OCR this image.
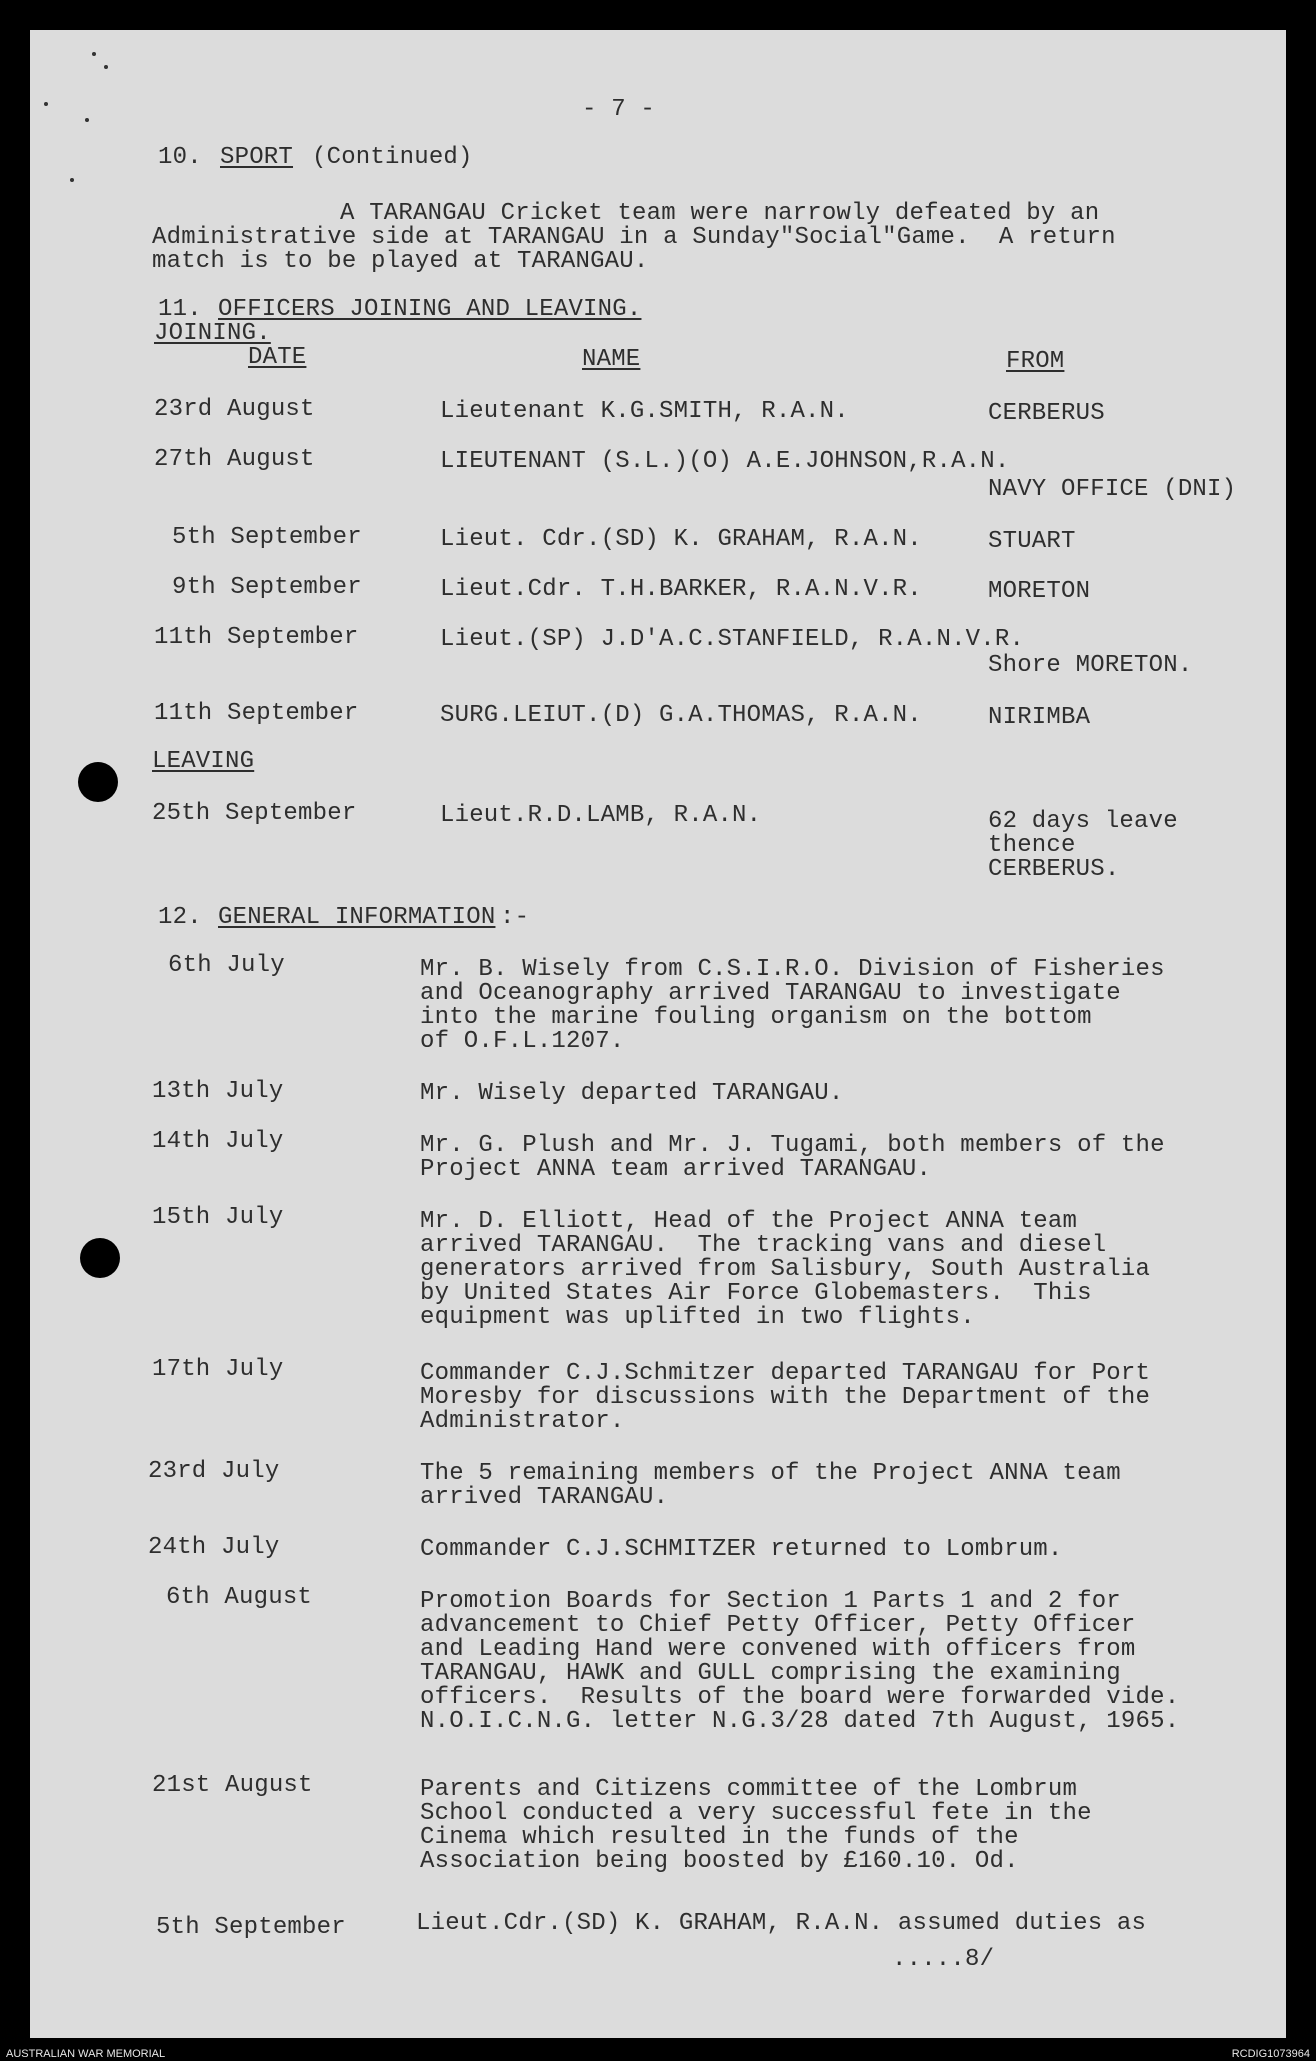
- 7 -
10. SPORT (Continued)
A TARANGAU Cricket team were narrowly defeated by an
Administrative side at TARANGAU in a Sunday"Social"Game.  A return
match is to be played at TARANGAU.
11. OFFICERS JOINING AND LEAVING.
JOINING.
DATE	NAME	FROM
23rd August	Lieutenant K.G.SMITH, R.A.N.	CERBERUS
27th August	LIEUTENANT (S.L.)(O) A.E.JOHNSON,R.A.N.
NAVY OFFICE (DNI)
5th September	Lieut. Cdr.(SD) K. GRAHAM, R.A.N.	STUART
9th September	Lieut.Cdr. T.H.BARKER, R.A.N.V.R.	MORETON
11th September	Lieut.(SP) J.D'A.C.STANFIELD, R.A.N.V.R.
Shore MORETON.
11th September	SURG.LEIUT.(D) G.A.THOMAS, R.A.N.	NIRIMBA
LEAVING
25th September	Lieut.R.D.LAMB, R.A.N.	62 days leave
thence
CERBERUS.
12. GENERAL INFORMATION :-
6th July	Mr. B. Wisely from C.S.I.R.O. Division of Fisheries
and Oceanography arrived TARANGAU to investigate
into the marine fouling organism on the bottom
of O.F.L.1207.
13th July	Mr. Wisely departed TARANGAU.
14th July	Mr. G. Plush and Mr. J. Tugami, both members of the
Project ANNA team arrived TARANGAU.
15th July	Mr. D. Elliott, Head of the Project ANNA team
arrived TARANGAU.  The tracking vans and diesel
generators arrived from Salisbury, South Australia
by United States Air Force Globemasters.  This
equipment was uplifted in two flights.
17th July	Commander C.J.Schmitzer departed TARANGAU for Port
Moresby for discussions with the Department of the
Administrator.
23rd July	The 5 remaining members of the Project ANNA team
arrived TARANGAU.
24th July	Commander C.J.SCHMITZER returned to Lombrum.
6th August	Promotion Boards for Section 1 Parts 1 and 2 for
advancement to Chief Petty Officer, Petty Officer
and Leading Hand were convened with officers from
TARANGAU, HAWK and GULL comprising the examining
officers.  Results of the board were forwarded vide.
N.O.I.C.N.G. letter N.G.3/28 dated 7th August, 1965.
21st August	Parents and Citizens committee of the Lombrum
School conducted a very successful fete in the
Cinema which resulted in the funds of the
Association being boosted by £160.10. Od.
5th September	Lieut.Cdr.(SD) K. GRAHAM, R.A.N. assumed duties as
.....8/
AUSTRALIAN WAR MEMORIAL	RCDIG1073964
